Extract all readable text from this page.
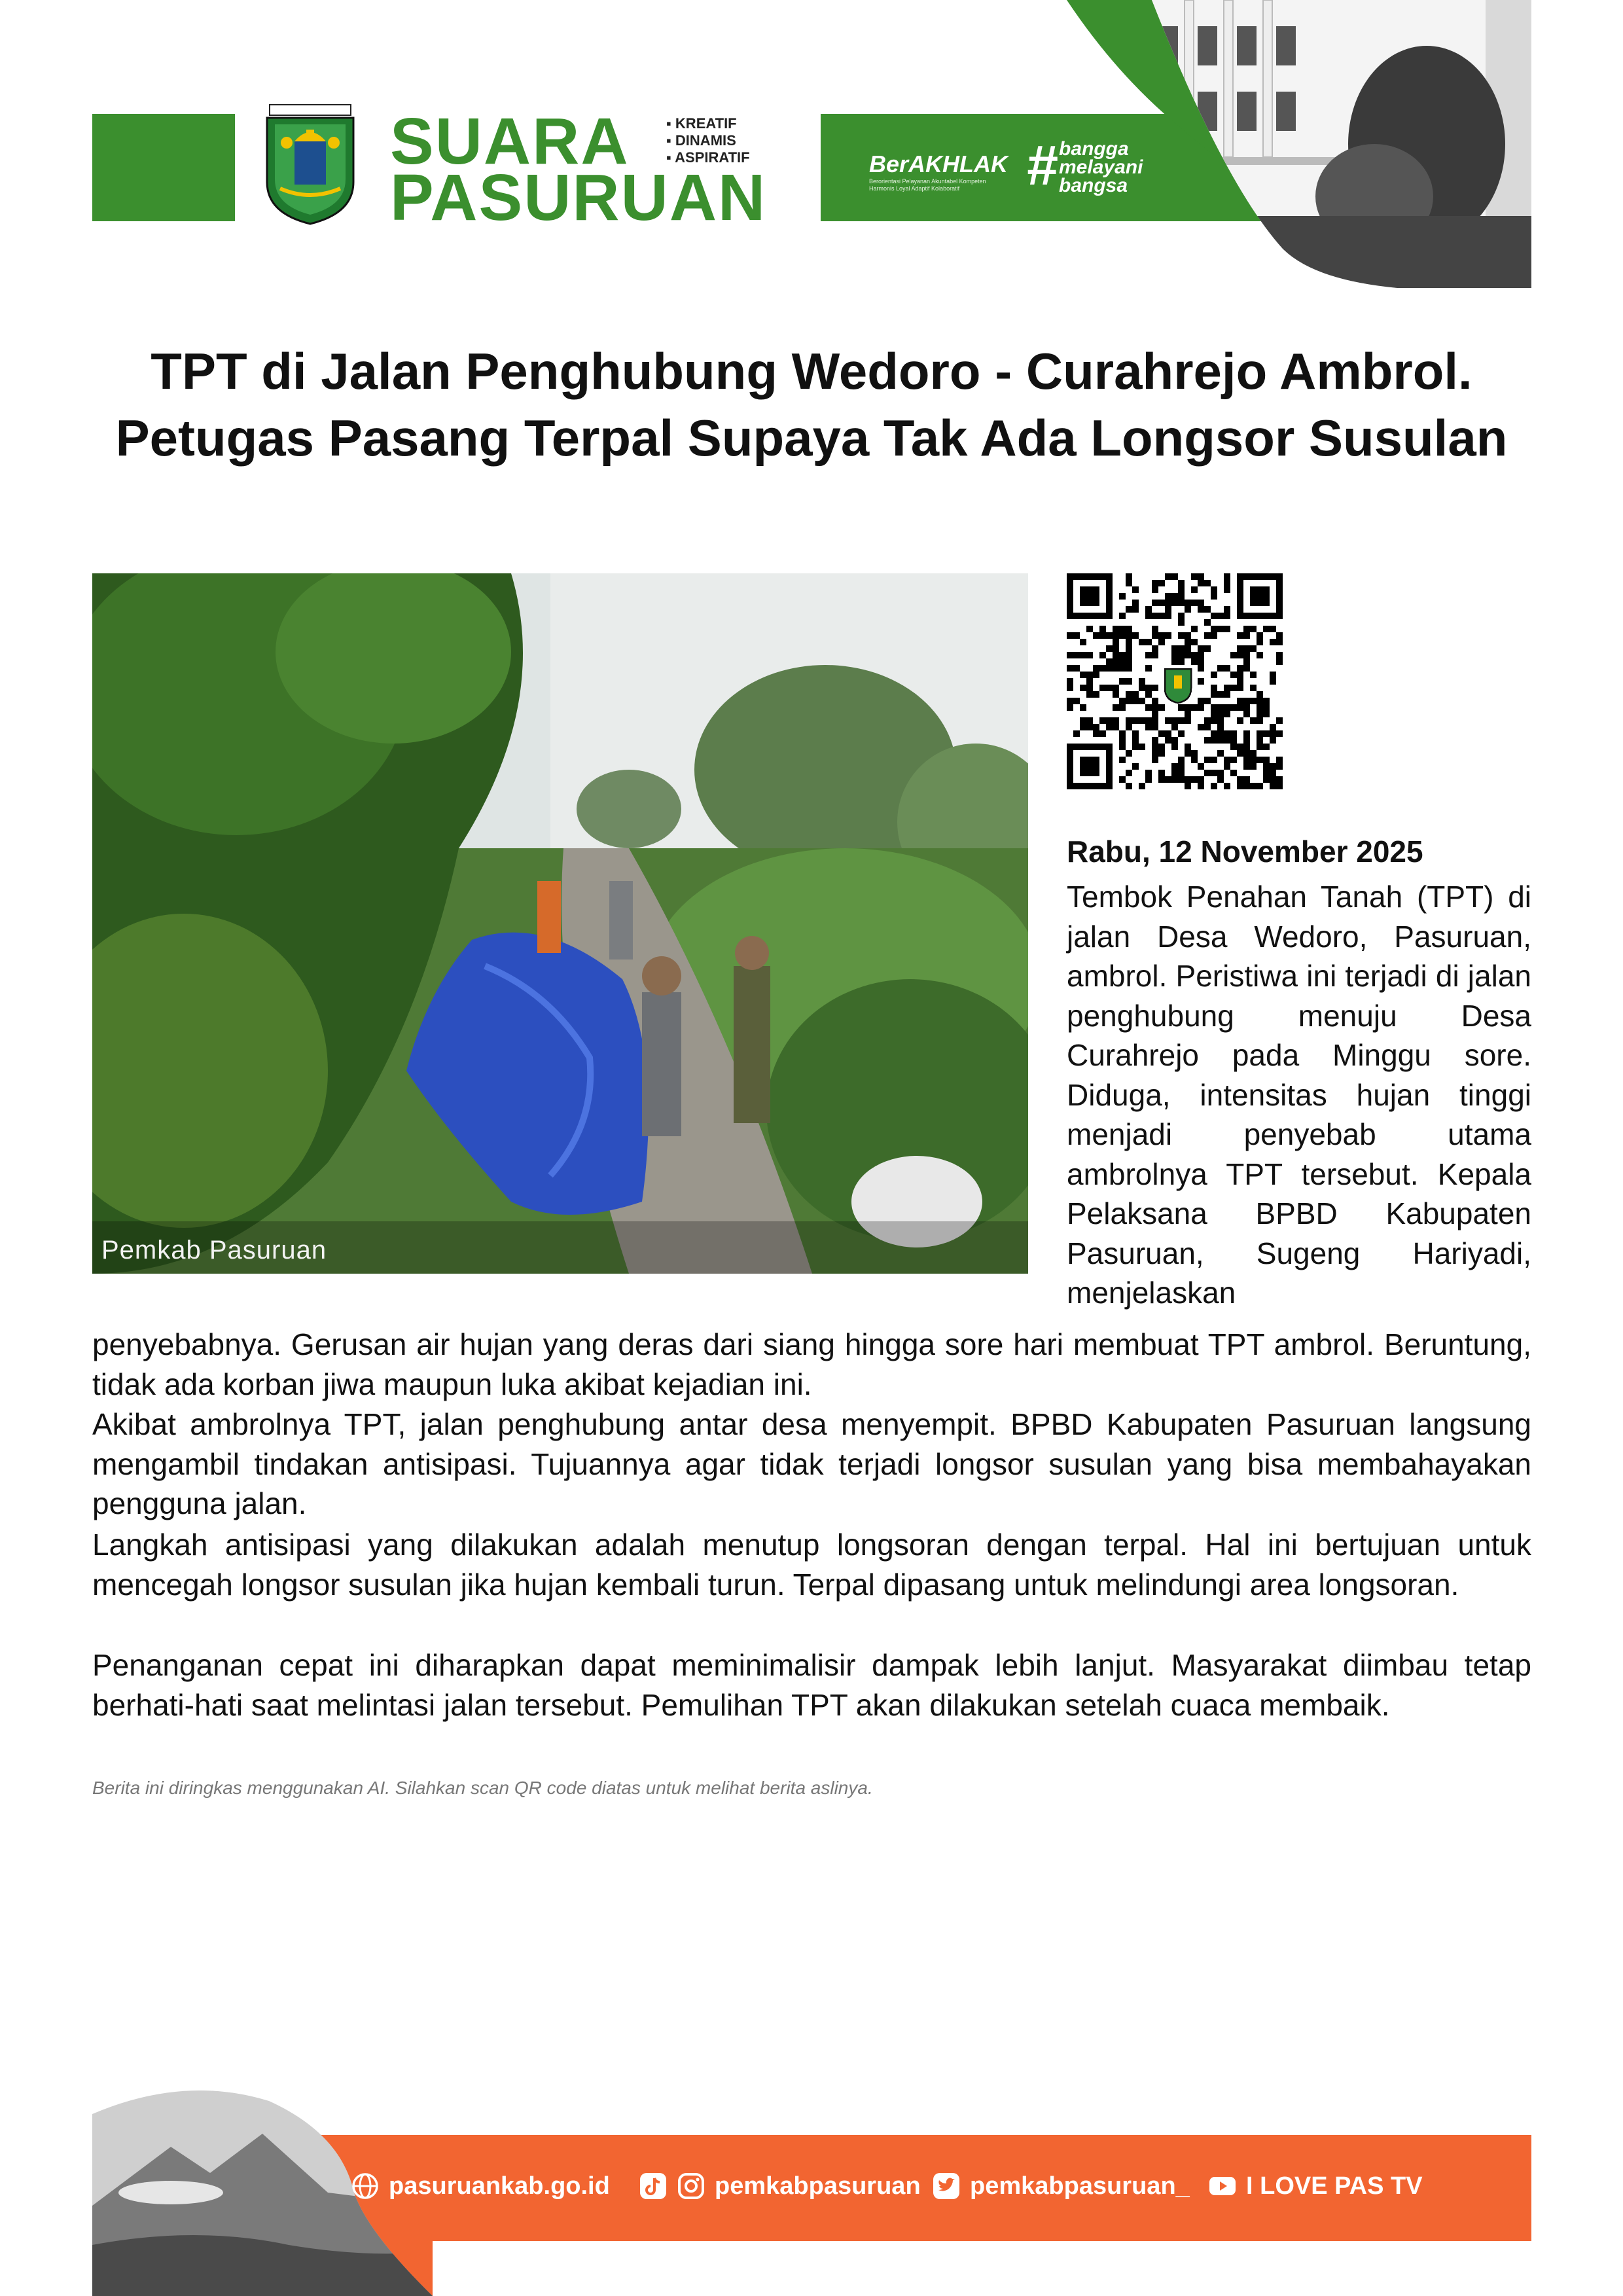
SUARA
PASURUAN
▪ KREATIF
▪ DINAMIS
▪ ASPIRATIF	BerAKHLAK
Berorientasi Pelayanan Akuntabel Kompeten Harmonis Loyal Adaptif Kolaboratif	# bangga
melayani
bangsa
TPT di Jalan Penghubung Wedoro - Curahrejo Ambrol. Petugas Pasang Terpal Supaya Tak Ada Longsor Susulan
Pemkab Pasuruan
Rabu, 12 November 2025
Tembok Penahan Tanah (TPT) di jalan Desa Wedoro, Pasuruan, ambrol. Peristiwa ini terjadi di jalan penghubung menuju Desa Curahrejo pada Minggu sore. Diduga, intensitas hujan tinggi menjadi penyebab utama ambrolnya TPT tersebut. Kepala Pelaksana BPBD Kabupaten Pasuruan, Sugeng Hariyadi, menjelaskan
penyebabnya. Gerusan air hujan yang deras dari siang hingga sore hari membuat TPT ambrol. Beruntung, tidak ada korban jiwa maupun luka akibat kejadian ini.
Akibat ambrolnya TPT, jalan penghubung antar desa menyempit. BPBD Kabupaten Pasuruan langsung mengambil tindakan antisipasi. Tujuannya agar tidak terjadi longsor susulan yang bisa membahayakan pengguna jalan.
Langkah antisipasi yang dilakukan adalah menutup longsoran dengan terpal. Hal ini bertujuan untuk mencegah longsor susulan jika hujan kembali turun. Terpal dipasang untuk melindungi area longsoran.
Penanganan cepat ini diharapkan dapat meminimalisir dampak lebih lanjut. Masyarakat diimbau tetap berhati-hati saat melintasi jalan tersebut. Pemulihan TPT akan dilakukan setelah cuaca membaik.
Berita ini diringkas menggunakan AI. Silahkan scan QR code diatas untuk melihat berita aslinya.
pasuruankab.go.id	pemkabpasuruan pemkabpasuruan_ I LOVE PAS TV
